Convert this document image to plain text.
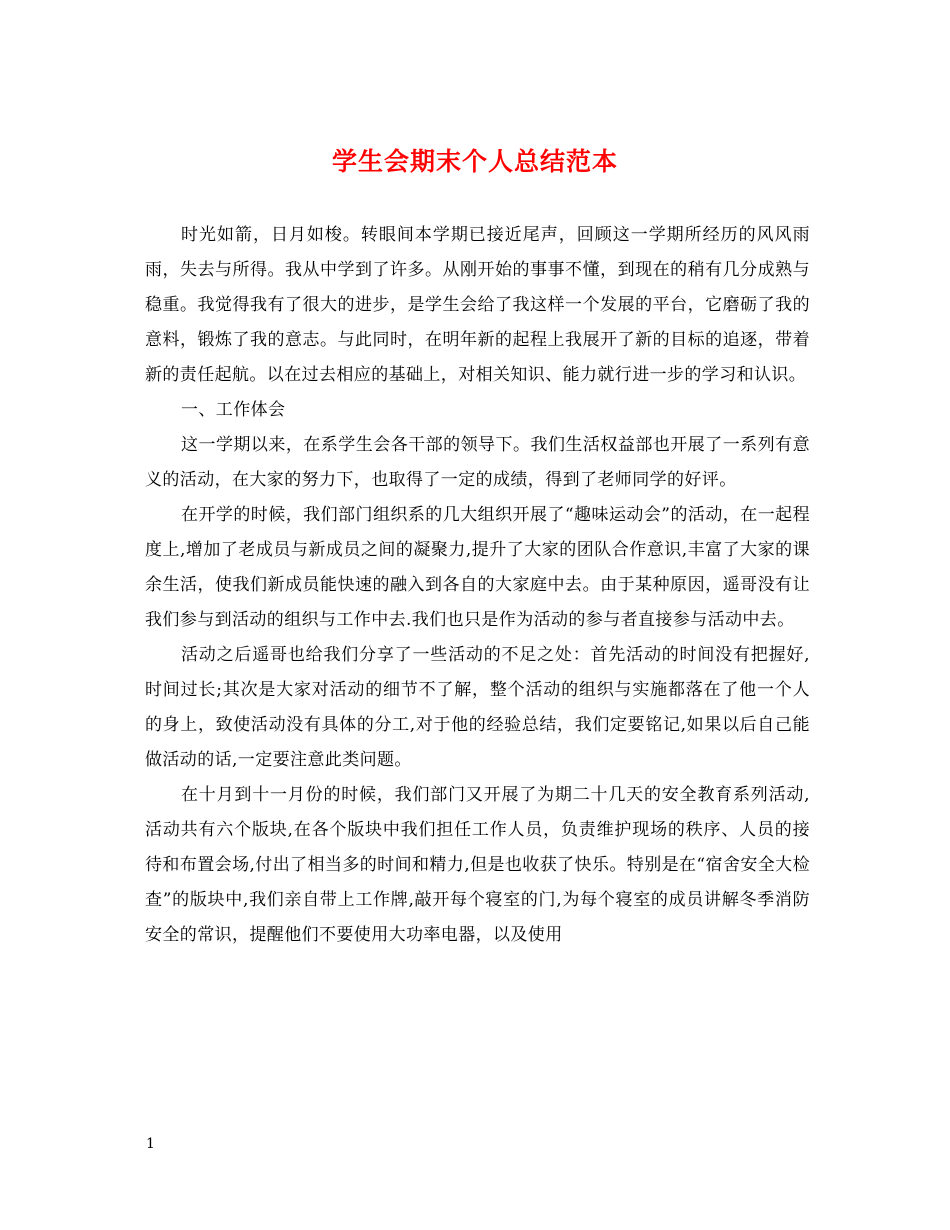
学生会期末个人总结范本

时光如箭，日月如梭。转眼间本学期已接近尾声，回顾这一学期所经历的风风雨雨，失去与所得。我从中学到了许多。从刚开始的事事不懂，到现在的稍有几分成熟与稳重。我觉得我有了很大的进步，是学生会给了我这样一个发展的平台，它磨砺了我的意料，锻炼了我的意志。与此同时，在明年新的起程上我展开了新的目标的追逐，带着新的责任起航。以在过去相应的基础上，对相关知识、能力就行进一步的学习和认识。

一、工作体会

这一学期以来，在系学生会各干部的领导下。我们生活权益部也开展了一系列有意义的活动，在大家的努力下，也取得了一定的成绩，得到了老师同学的好评。

在开学的时候，我们部门组织系的几大组织开展了“趣味运动会”的活动，在一起程度上,增加了老成员与新成员之间的凝聚力,提升了大家的团队合作意识,丰富了大家的课余生活，使我们新成员能快速的融入到各自的大家庭中去。由于某种原因，遥哥没有让我们参与到活动的组织与工作中去.我们也只是作为活动的参与者直接参与活动中去。

活动之后遥哥也给我们分享了一些活动的不足之处：首先活动的时间没有把握好,时间过长;其次是大家对活动的细节不了解，整个活动的组织与实施都落在了他一个人的身上，致使活动没有具体的分工,对于他的经验总结，我们定要铭记,如果以后自己能做活动的话,一定要注意此类问题。

在十月到十一月份的时候，我们部门又开展了为期二十几天的安全教育系列活动,活动共有六个版块,在各个版块中我们担任工作人员，负责维护现场的秩序、人员的接待和布置会场,付出了相当多的时间和精力,但是也收获了快乐。特别是在“宿舍安全大检查”的版块中,我们亲自带上工作牌,敲开每个寝室的门,为每个寝室的成员讲解冬季消防安全的常识，提醒他们不要使用大功率电器，以及使用

1
